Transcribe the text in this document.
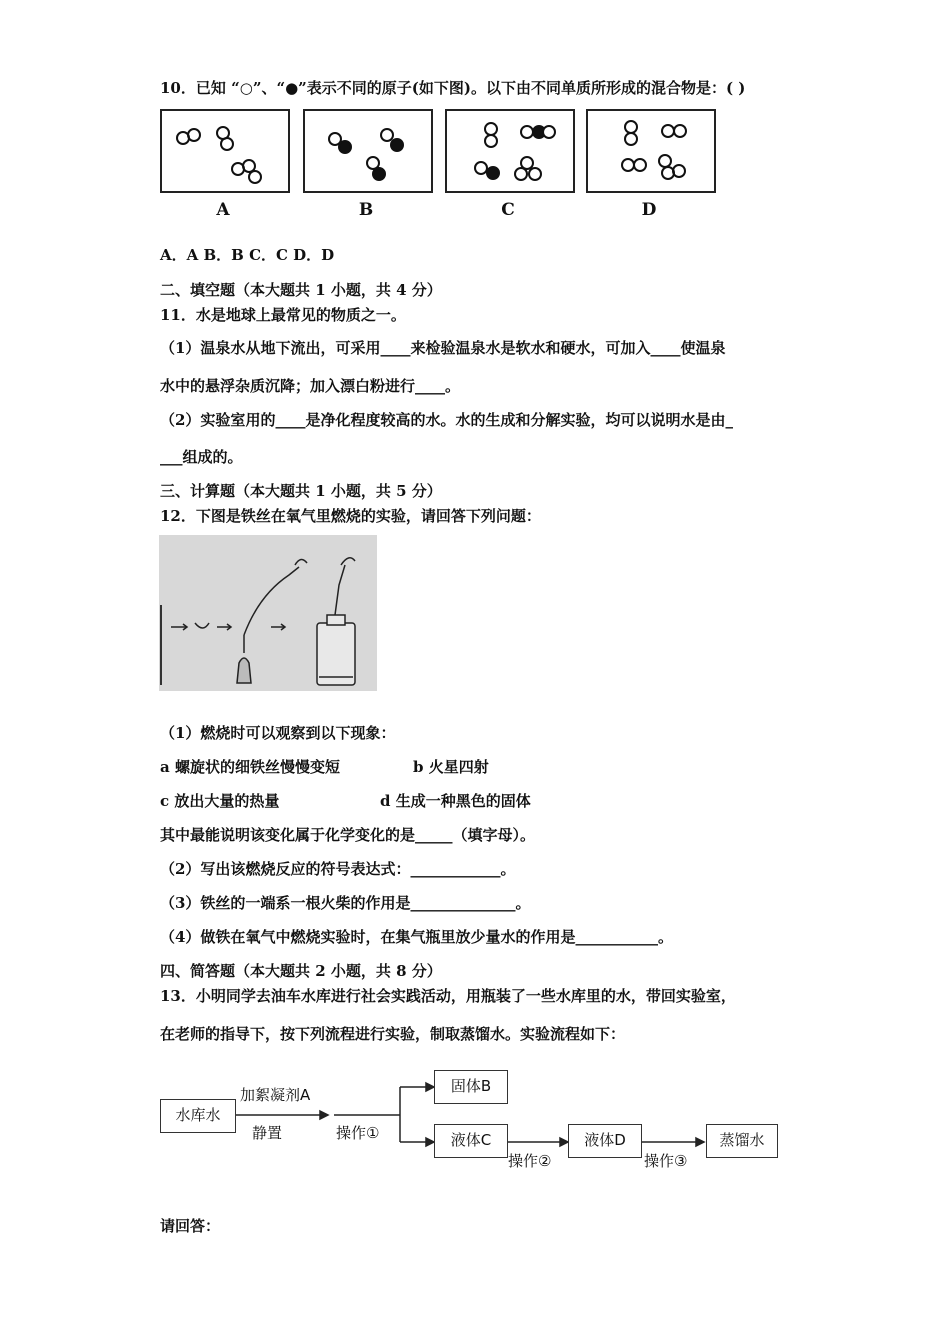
10．已知 “○”、“●”表示不同的原子(如下图)。以下由不同单质所形成的混合物是：( )
A	B	C	D
A．A B．B C．C D．D
二、填空题（本大题共 1 小题，共 4 分）
11．水是地球上最常见的物质之一。
（1）温泉水从地下流出，可采用____来检验温泉水是软水和硬水，可加入____使温泉
水中的悬浮杂质沉降；加入漂白粉进行____。
（2）实验室用的____是净化程度较高的水。水的生成和分解实验，均可以说明水是由_
___组成的。
三、计算题（本大题共 1 小题，共 5 分）
12．下图是铁丝在氧气里燃烧的实验，请回答下列问题：
（1）燃烧时可以观察到以下现象：
a 螺旋状的细铁丝慢慢变短	b 火星四射
c 放出大量的热量	d 生成一种黑色的固体
其中最能说明该变化属于化学变化的是_____（填字母）。
（2）写出该燃烧反应的符号表达式：____________。
（3）铁丝的一端系一根火柴的作用是______________。
（4）做铁在氧气中燃烧实验时，在集气瓶里放少量水的作用是___________。
四、简答题（本大题共 2 小题，共 8 分）
13．小明同学去油车水库进行社会实践活动，用瓶装了一些水库里的水，带回实验室，
在老师的指导下，按下列流程进行实验，制取蒸馏水。实验流程如下：
水库水
加絮凝剂A
静置	操作①
固体B
液体C
操作②
液体D
操作③
蒸馏水
请回答：
